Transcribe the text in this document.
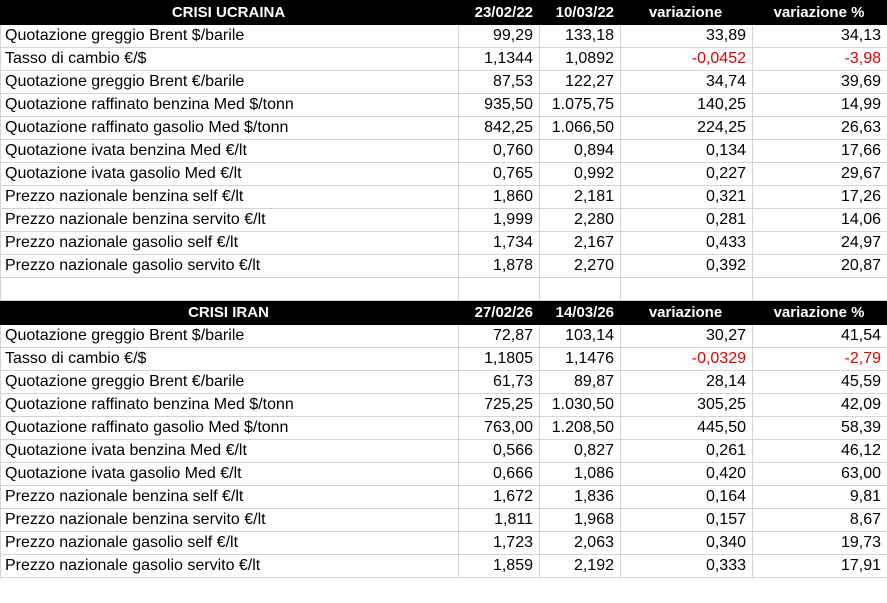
CRISI UCRAINA	23/02/22	10/03/22	variazione	variazione %
Quotazione greggio Brent $/barile	99,29	133,18	33,89	34,13
Tasso di cambio €/$	1,1344	1,0892	-0,0452	-3,98
Quotazione greggio Brent €/barile	87,53	122,27	34,74	39,69
Quotazione raffinato benzina Med $/tonn	935,50	1.075,75	140,25	14,99
Quotazione raffinato gasolio Med $/tonn	842,25	1.066,50	224,25	26,63
Quotazione ivata benzina Med €/lt	0,760	0,894	0,134	17,66
Quotazione ivata gasolio Med €/lt	0,765	0,992	0,227	29,67
Prezzo nazionale benzina self €/lt	1,860	2,181	0,321	17,26
Prezzo nazionale benzina servito €/lt	1,999	2,280	0,281	14,06
Prezzo nazionale gasolio self €/lt	1,734	2,167	0,433	24,97
Prezzo nazionale gasolio servito €/lt	1,878	2,270	0,392	20,87

CRISI IRAN	27/02/26	14/03/26	variazione	variazione %
Quotazione greggio Brent $/barile	72,87	103,14	30,27	41,54
Tasso di cambio €/$	1,1805	1,1476	-0,0329	-2,79
Quotazione greggio Brent €/barile	61,73	89,87	28,14	45,59
Quotazione raffinato benzina Med $/tonn	725,25	1.030,50	305,25	42,09
Quotazione raffinato gasolio Med $/tonn	763,00	1.208,50	445,50	58,39
Quotazione ivata benzina Med €/lt	0,566	0,827	0,261	46,12
Quotazione ivata gasolio Med €/lt	0,666	1,086	0,420	63,00
Prezzo nazionale benzina self €/lt	1,672	1,836	0,164	9,81
Prezzo nazionale benzina servito €/lt	1,811	1,968	0,157	8,67
Prezzo nazionale gasolio self €/lt	1,723	2,063	0,340	19,73
Prezzo nazionale gasolio servito €/lt	1,859	2,192	0,333	17,91
